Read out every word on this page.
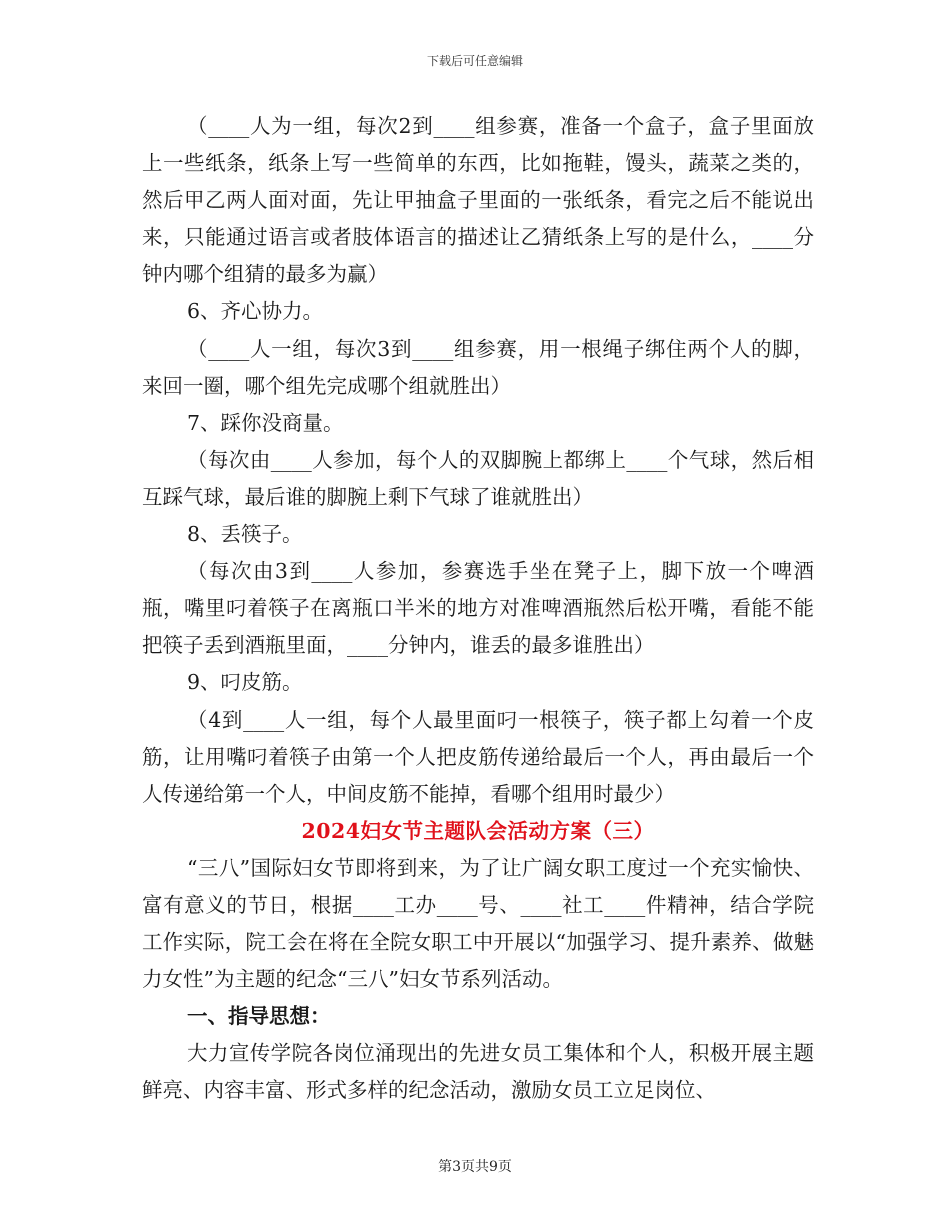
下载后可任意编辑

（____人为一组，每次2到____组参赛，准备一个盒子，盒子里面放上一些纸条，纸条上写一些简单的东西，比如拖鞋，馒头，蔬菜之类的，然后甲乙两人面对面，先让甲抽盒子里面的一张纸条，看完之后不能说出来，只能通过语言或者肢体语言的描述让乙猜纸条上写的是什么，____分钟内哪个组猜的最多为赢）

6、齐心协力。

（____人一组，每次3到____组参赛，用一根绳子绑住两个人的脚，来回一圈，哪个组先完成哪个组就胜出）

7、踩你没商量。

（每次由____人参加，每个人的双脚腕上都绑上____个气球，然后相互踩气球，最后谁的脚腕上剩下气球了谁就胜出）

8、丢筷子。

（每次由3到____人参加，参赛选手坐在凳子上，脚下放一个啤酒瓶，嘴里叼着筷子在离瓶口半米的地方对准啤酒瓶然后松开嘴，看能不能把筷子丢到酒瓶里面，____分钟内，谁丢的最多谁胜出）

9、叼皮筋。

（4到____人一组，每个人最里面叼一根筷子，筷子都上勾着一个皮筋，让用嘴叼着筷子由第一个人把皮筋传递给最后一个人，再由最后一个人传递给第一个人，中间皮筋不能掉，看哪个组用时最少）

2024妇女节主题队会活动方案（三）

“三八”国际妇女节即将到来，为了让广阔女职工度过一个充实愉快、富有意义的节日，根据____工办____号、____社工____件精神，结合学院工作实际，院工会在将在全院女职工中开展以“加强学习、提升素养、做魅力女性”为主题的纪念“三八”妇女节系列活动。

一、指导思想：

大力宣传学院各岗位涌现出的先进女员工集体和个人，积极开展主题鲜亮、内容丰富、形式多样的纪念活动，激励女员工立足岗位、

第3页共9页
